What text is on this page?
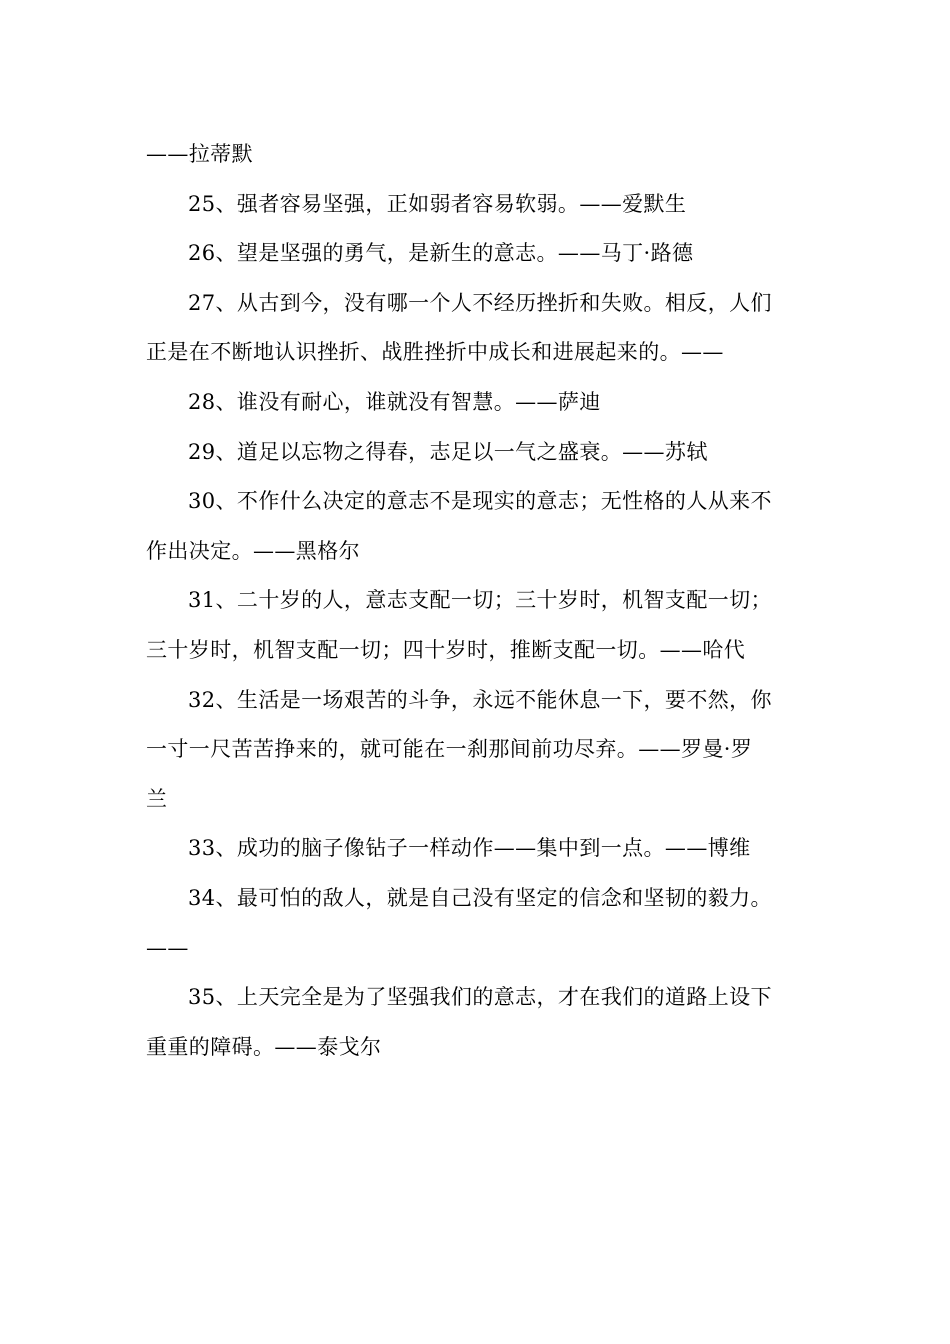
——拉蒂默
25、强者容易坚强，正如弱者容易软弱。——爱默生
26、望是坚强的勇气，是新生的意志。——马丁·路德
27、从古到今，没有哪一个人不经历挫折和失败。相反，人们
正是在不断地认识挫折、战胜挫折中成长和进展起来的。——
28、谁没有耐心，谁就没有智慧。——萨迪
29、道足以忘物之得春，志足以一气之盛衰。——苏轼
30、不作什么决定的意志不是现实的意志；无性格的人从来不
作出决定。——黑格尔
31、二十岁的人，意志支配一切；三十岁时，机智支配一切；
三十岁时，机智支配一切；四十岁时，推断支配一切。——哈代
32、生活是一场艰苦的斗争，永远不能休息一下，要不然，你
一寸一尺苦苦挣来的，就可能在一刹那间前功尽弃。——罗曼·罗
兰
33、成功的脑子像钻子一样动作——集中到一点。——博维
34、最可怕的敌人，就是自己没有坚定的信念和坚韧的毅力。
——
35、上天完全是为了坚强我们的意志，才在我们的道路上设下
重重的障碍。——泰戈尔
